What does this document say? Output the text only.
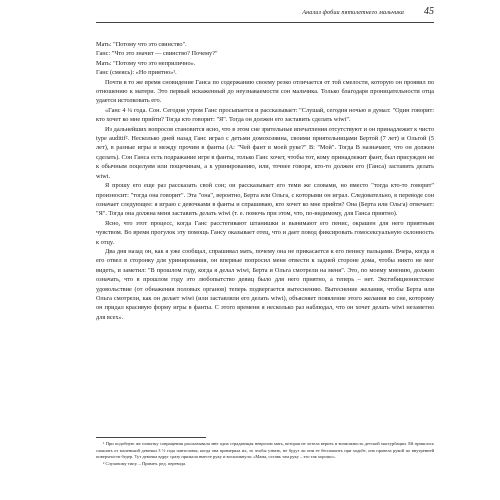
Анализ фобии пятилетнего мальчика 45

Мать: "Потому что это свинство".

Ганс: "Что это значит — свинство? Почему?"

Мать: "Потому что это неприлично».

Ганс (смеясь): «Но приятно»¹.

Почти в то же время сновидение Ганса по содержанию своему резко отличается от той смелости, которую он проявил по отношению к матери. Это первый искаженный до неузнаваемости сон мальчика. Только благодаря проницательности отца удается истолковать его.

«Ганс 4 ¼ года. Сон. Сегодня утром Ганс просыпается и рассказывает: "Слушай, сегодня ночью я думал: "Один говорит: кто хочет ко мне прийти? Тогда кто говорит: "Я". Тогда он должен его заставить сделать wiwi".

Из дальнейших вопросов становится ясно, что в этом сне зрительные впечатления отсутствуют и он принадлежит к чисто type auditif². Несколько дней назад Ганс играл с детьми домохозяина, своими приятельницами Бертой (7 лет) и Ольгой (5 лет), в разные игры и между прочим в фанты (А: "Чей фант в моей руке?" В: "Мой". Тогда В назначают, что он должен сделать). Сон Ганса есть подражание игре в фанты, только Ганс хочет, чтобы тот, кому принадлежит фант, был присужден не к обычным поцелуям или пощечинам, а к уринированию, или, точнее говоря, кто-то должен его (Ганса) заставить делать wiwi.

Я прошу его еще раз рассказать свой сон; он рассказывает его теми же словами, но вместо "тогда кто-то говорит" произносит: "тогда она говорит". Эта "она", вероятно, Берта или Ольга, с которыми он играл. Следовательно, в переводе сон означает следующее: я играю с девочками в фанты и спрашиваю, кто хочет ко мне прийти? Она (Берта или Ольга) отвечает: "Я". Тогда она должна меня заставить делать wiwi (т. е. помочь при этом, что, по-видимому, для Ганса приятно).

Ясно, что этот процесс, когда Ганс расстегивают штанишки и вынимают его пенис, окрашен для него приятным чувством. Во время прогулок эту помощь Гансу оказывает отец, что и дает повод фиксировать гомосексуальную склонность к отцу.

Два дня назад он, как я уже сообщал, спрашивал мать, почему она не прикасается к его пенису пальцами. Вчера, когда я его отвел в сторонку для уринирования, он впервые попросил меня отвести к задней стороне дома, чтобы никто не мог видеть, и заметил: "В прошлом году, когда я делал wiwi, Берта и Ольга смотрели на меня". Это, по моему мнению, должно означать, что в прошлом году это любопытство девиц было для него приятно, а теперь – нет. Эксгибиционистское удовольствие (от обнажения половых органов) теперь подвергается вытеснению. Вытеснение желания, чтобы Берта или Ольга смотрели, как он делает wiwi (или заставляли его делать wiwi), объясняет появление этого желания во сне, которому он придал красивую форму игры в фанты. С этого времени я несколько раз наблюдал, что он хочет делать wiwi незаметно для всех».

¹ При подобную же попытку совращения рассказывала мне одна страдающая неврозом мать, которая не хотела верить в возможность детской мастурбации. Ей пришлось слышать от маленькой девочки 3 ½ года пантолоны; когда она примеряла их, то чтобы узнать, не будут ли они ее беспокоить при ходьбе, она провела рукой по внутренней поверхности бедер. Тут девочка вдруг сразу прижала вместе руку и воскликнула: «Мама, оставь там руку – это так хорошо».

² Слуховому типу. – Примеч. ред. перевода.
